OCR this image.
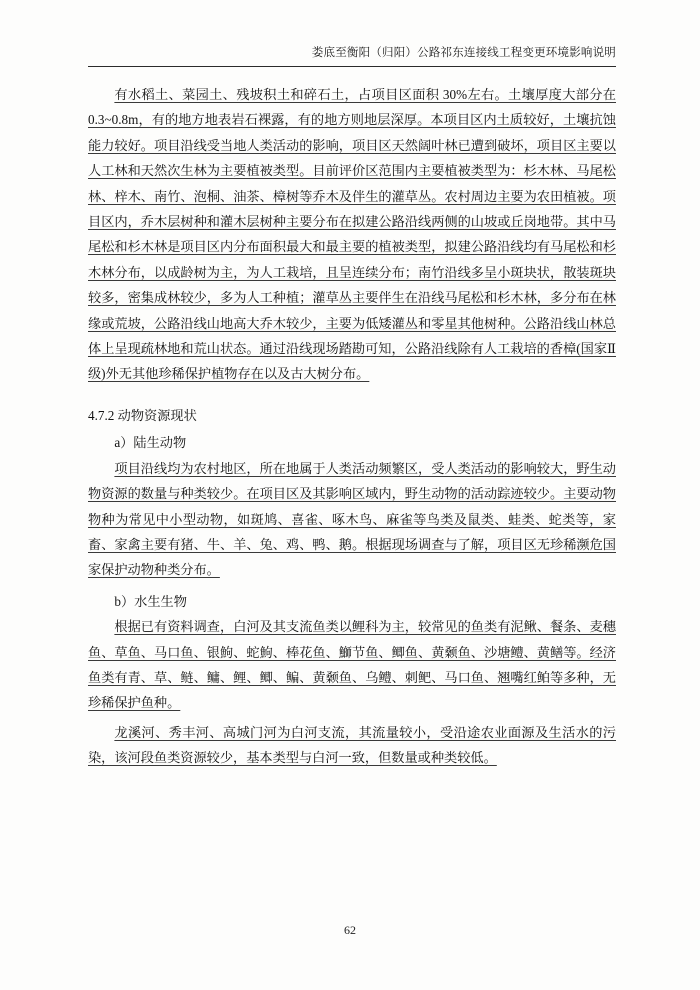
娄底至衡阳（归阳）公路祁东连接线工程变更环境影响说明

有水稻土、菜园土、残坡积土和碎石土，占项目区面积 30%左右。土壤厚度大部分在 0.3~0.8m，有的地方地表岩石裸露，有的地方则地层深厚。本项目区内土质较好，土壤抗蚀能力较好。项目沿线受当地人类活动的影响，项目区天然阔叶林已遭到破坏，项目区主要以人工林和天然次生林为主要植被类型。目前评价区范围内主要植被类型为：杉木林、马尾松林、梓木、南竹、泡桐、油茶、樟树等乔木及伴生的灌草丛。农村周边主要为农田植被。项目区内，乔木层树种和灌木层树种主要分布在拟建公路沿线两侧的山坡或丘岗地带。其中马尾松和杉木林是项目区内分布面积最大和最主要的植被类型，拟建公路沿线均有马尾松和杉木林分布，以成龄树为主，为人工栽培，且呈连续分布；南竹沿线多呈小斑块状，散装斑块较多，密集成林较少，多为人工种植；灌草丛主要伴生在沿线马尾松和杉木林，多分布在林缘或荒坡，公路沿线山地高大乔木较少，主要为低矮灌丛和零星其他树种。公路沿线山林总体上呈现疏林地和荒山状态。通过沿线现场踏勘可知，公路沿线除有人工栽培的香樟(国家Ⅱ级)外无其他珍稀保护植物存在以及古大树分布。

4.7.2 动物资源现状

a）陆生动物

项目沿线均为农村地区，所在地属于人类活动频繁区，受人类活动的影响较大，野生动物资源的数量与种类较少。在项目区及其影响区域内，野生动物的活动踪迹较少。主要动物物种为常见中小型动物，如斑鸠、喜雀、啄木鸟、麻雀等鸟类及鼠类、蛙类、蛇类等，家畜、家禽主要有猪、牛、羊、兔、鸡、鸭、鹅。根据现场调查与了解，项目区无珍稀濒危国家保护动物种类分布。

b）水生生物

根据已有资料调查，白河及其支流鱼类以鲤科为主，较常见的鱼类有泥鳅、餐条、麦穗鱼、草鱼、马口鱼、银鮈、蛇鮈、棒花鱼、鰤节鱼、鲫鱼、黄颡鱼、沙塘鳢、黄鳝等。经济鱼类有青、草、鲢、鳙、鲤、鲫、鳊、黄颡鱼、乌鳢、刺鲃、马口鱼、翘嘴红鲌等多种，无珍稀保护鱼种。

龙溪河、秀丰河、高城门河为白河支流，其流量较小，受沿途农业面源及生活水的污染，该河段鱼类资源较少，基本类型与白河一致，但数量或种类较低。

62
